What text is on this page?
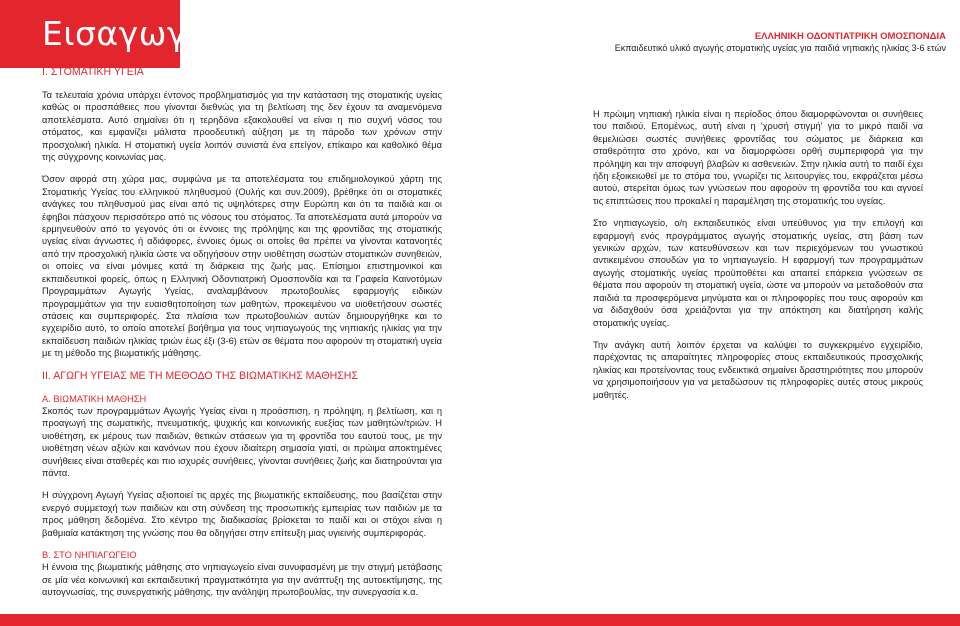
Εισαγωγή	ΕΛΛΗΝΙΚΗ ΟΔΟΝΤΙΑΤΡΙΚΗ ΟΜΟΣΠΟΝΔΙΑ
Εκπαιδευτικό υλικό αγωγής στοματικής υγείας για παιδιά νηπιακής ηλικίας 3-6 ετών
Ι. ΣΤΟΜΑΤΙΚΗ ΥΓΕΙΑ

Τα τελευταία χρόνια υπάρχει έντονος προβληματισμός για την κατάσταση της στοματικής υγείας καθώς οι προσπάθειες που γίνονται διεθνώς για τη βελτίωση της δεν έχουν τα αναμενόμενα αποτελέσματα. Αυτό σημαίνει ότι η τερηδόνα εξακολουθεί να είναι η πιο συχνή νόσος του στόματος, και εμφανίζει μάλιστα προοδευτική αύξηση με τη πάροδο των χρόνων στην προσχολική ηλικία. Η στοματική υγεία λοιπόν συνιστά ένα επείγον, επίκαιρο και καθολικό θέμα της σύγχρονης κοινωνίας μας.

Όσον αφορά στη χώρα μας, συμφώνα με τα αποτελέσματα του επιδημιολογικού χάρτη της Στοματικής Υγείας του ελληνικού πληθυσμού (Ουλής και συν.2009), βρέθηκε ότι οι στοματικές ανάγκες του πληθυσμού μας είναι από τις υψηλότερες στην Ευρώπη και ότι τα παιδιά και οι έφηβοι πάσχουν περισσότερο από τις νόσους του στόματος. Τα αποτελέσματα αυτά μπορούν να ερμηνευθούν από το γεγονός ότι οι έννοιες της πρόληψης και της φροντίδας της στοματικής υγείας είναι άγνωστες ή αδιάφορες, έννοιες όμως οι οποίες θα πρέπει να γίνονται κατανοητές από την προσχολική ηλικία ώστε να οδηγήσουν στην υιοθέτηση σωστών στοματικών συνηθειών, οι οποίες να είναι μόνιμες κατά τη διάρκεια της ζωής μας. Επίσημοι επιστημονικοί και εκπαιδευτικοί φορείς, όπως η Ελληνική Οδοντιατρική Ομοσπονδία και τα Γραφεία Καινοτόμων Προγραμμάτων Αγωγής Υγείας, αναλαμβάνουν πρωτοβουλίες εφαρμογής ειδικών προγραμμάτων για την ευαισθητοποίηση των μαθητών, προκειμένου να υιοθετήσουν σωστές στάσεις και συμπεριφορές. Στα πλαίσια των πρωτοβουλιών αυτών δημιουργήθηκε και το εγχειρίδιο αυτό, το οποίο αποτελεί βοήθημα για τους νηπιαγωγούς της νηπιακής ηλικίας για την εκπαίδευση παιδιών ηλικίας τριών έως έξι (3-6) ετών σε θέματα που αφορούν τη στοματική υγεία με τη μέθοδο της βιωματικής μάθησης.

ΙΙ. ΑΓΩΓΗ ΥΓΕΙΑΣ ΜΕ ΤΗ ΜΕΘΟΔΟ ΤΗΣ ΒΙΩΜΑΤΙΚΗΣ ΜΑΘΗΣΗΣ
Α. ΒΙΩΜΑΤΙΚΗ ΜΑΘΗΣΗ

Σκοπός των προγραμμάτων Αγωγής Υγείας είναι η προάσπιση, η πρόληψη, η βελτίωση, και η προαγωγή της σωματικής, πνευματικής, ψυχικής και κοινωνικής ευεξίας των μαθητών/τριών. Η υιοθέτηση, εκ μέρους των παιδιών, θετικών στάσεων για τη φροντίδα του εαυτού τους, με την υιοθέτηση νέων αξιών και κανόνων που έχουν ιδιαίτερη σημασία γιατί, οι πρώιμα αποκτημένες συνήθειες είναι σταθερές και πιο ισχυρές συνήθειες, γίνονται συνήθειες ζωής και διατηρούνται για πάντα.

Η σύγχρονη Αγωγή Υγείας αξιοποιεί τις αρχές της βιωματικής εκπαίδευσης, που βασίζεται στην ενεργό συμμετοχή των παιδιών και στη σύνδεση της προσωπικής εμπειρίας των παιδιών με τα προς μάθηση δεδομένα. Στο κέντρο της διαδικασίας βρίσκεται το παιδί και οι στόχοι είναι η βαθμιαία κατάκτηση της γνώσης που θα οδηγήσει στην επίτευξη μιας υγιεινής συμπεριφοράς.

Β. ΣΤΟ ΝΗΠΙΑΓΩΓΕΙΟ

Η έννοια της βιωματικής μάθησης στο νηπιαγωγείο είναι συνυφασμένη με την στιγμή μετάβασης σε μία νέα κοινωνική και εκπαιδευτική πραγματικότητα για την ανάπτυξη της αυτοεκτίμησης, της αυτογνωσίας, της συνεργατικής μάθησης, την ανάληψη πρωτοβουλίας, την συνεργασία κ.α.

Η πρώιμη νηπιακή ηλικία είναι η περίοδος όπου διαμορφώνονται οι συνήθειες του παιδιού. Επομένως, αυτή είναι η 'χρυσή στιγμή' για το μικρό παιδί να θεμελιώσει σωστές συνήθειες φροντίδας του σώματος με διάρκεια και σταθερότητα στο χρόνο, και να διαμορφώσει ορθή συμπεριφορά για την πρόληψη και την αποφυγή βλαβών κι ασθενειών. Στην ηλικία αυτή το παιδί έχει ήδη εξοικειωθεί με το στόμα του, γνωρίζει τις λειτουργίες του, εκφράζεται μέσω αυτού, στερείται όμως των γνώσεων που αφορούν τη φροντίδα του και αγνοεί τις επιπτώσεις που προκαλεί η παραμέληση της στοματικής του υγείας.

Στο νηπιαγωγείο, ο/η εκπαιδευτικός είναι υπεύθυνος για την επιλογή και εφαρμογή ενός προγράμματος αγωγής στοματικής υγείας, στη βάση των γενικών αρχών, των κατευθύνσεων και των περιεχόμενων του γνωστικού αντικειμένου σπουδών για το νηπιαγωγείο. Η εφαρμογή των προγραμμάτων αγωγής στοματικής υγείας προϋποθέτει και απαιτεί επάρκεια γνώσεων σε θέματα που αφορούν τη στοματική υγεία, ώστε να μπορούν να μεταδοθούν στα παιδιά τα προσφερόμενα μηνύματα και οι πληροφορίες που τους αφορούν και να διδαχθούν όσα χρειάζονται για την απόκτηση και διατήρηση καλής στοματικής υγείας.

Την ανάγκη αυτή λοιπόν έρχεται να καλύψει το συγκεκριμένο εγχειρίδιο, παρέχοντας τις απαραίτητες πληροφορίες στους εκπαιδευτικούς προσχολικής ηλικίας και προτείνοντας τους ενδεικτικά σημαίνει δραστηριότητες που μπορούν να χρησιμοποιήσουν για να μεταδώσουν τις πληροφορίες αυτές στους μικρούς μαθητές.

6	7
